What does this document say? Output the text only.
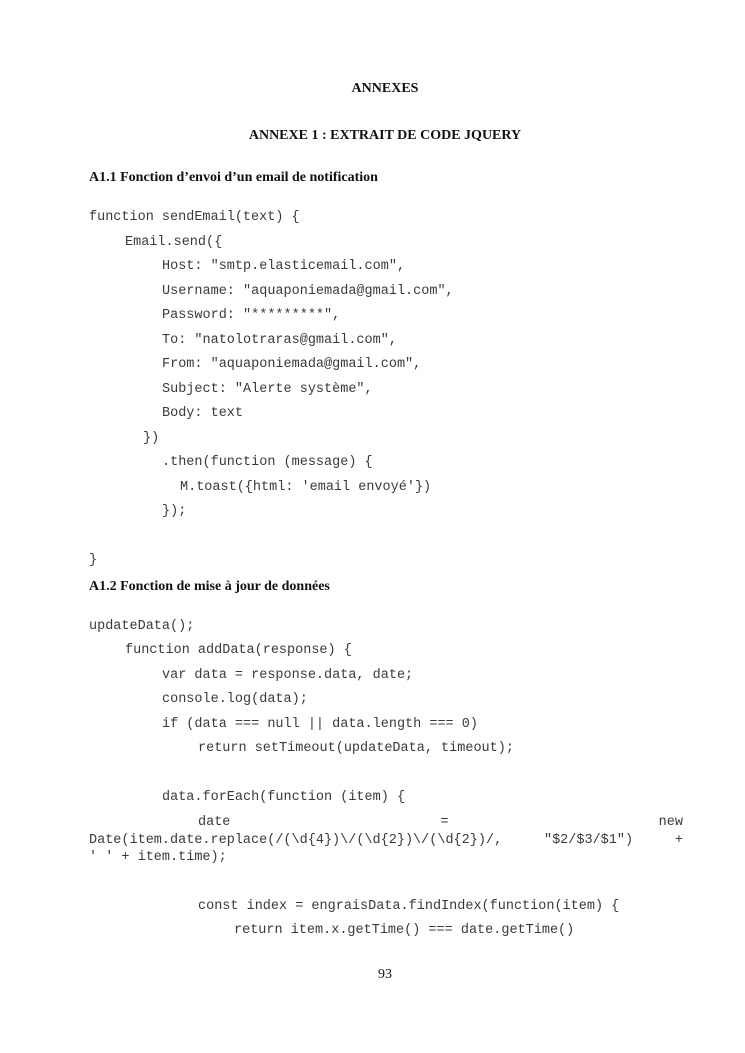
ANNEXES
ANNEXE 1 : EXTRAIT DE CODE JQUERY
A1.1 Fonction d’envoi d’un email de notification
function sendEmail(text) {
Email.send({
Host: "smtp.elasticemail.com",
Username: "aquaponiemada@gmail.com",
Password: "*********",
To: "natolotraras@gmail.com",
From: "aquaponiemada@gmail.com",
Subject: "Alerte système",
Body: text
})
.then(function (message) {
M.toast({html: 'email envoyé'})
});
}
A1.2 Fonction de mise à jour de données
updateData();
function addData(response) {
var data = response.data, date;
console.log(data);
if (data === null || data.length === 0)
return setTimeout(updateData, timeout);
data.forEach(function (item) {
date	=	new
Date(item.date.replace(/(\d{4})\/(\d{2})\/(\d{2})/,	"$2/$3/$1")	+
' ' + item.time);
const index = engraisData.findIndex(function(item) {
return item.x.getTime() === date.getTime()
93
